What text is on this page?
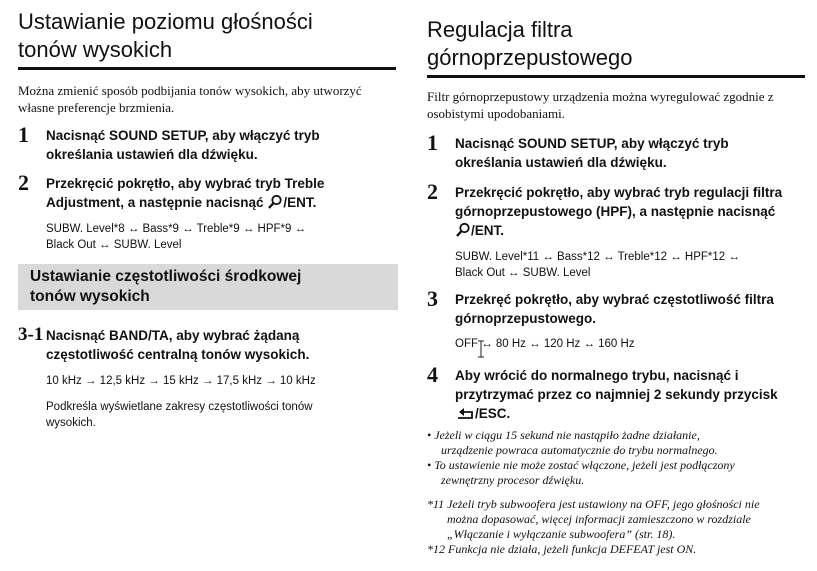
Ustawianie poziomu głośności
tonów wysokich
Można zmienić sposób podbijania tonów wysokich, aby utworzyć
własne preferencje brzmienia.
1 Nacisnąć SOUND SETUP, aby włączyć tryb
określania ustawień dla dźwięku.
2 Przekręcić pokrętło, aby wybrać tryb Treble
Adjustment, a następnie nacisnąć /ENT.
SUBW. Level*8 ↔ Bass*9 ↔ Treble*9 ↔ HPF*9 ↔
Black Out ↔ SUBW. Level
Ustawianie częstotliwości środkowej
tonów wysokich
3-1 Nacisnąć BAND/TA, aby wybrać żądaną
częstotliwość centralną tonów wysokich.
10 kHz → 12,5 kHz → 15 kHz → 17,5 kHz → 10 kHz
Podkreśla wyświetlane zakresy częstotliwości tonów
wysokich.
Regulacja filtra
górnoprzepustowego
Filtr górnoprzepustowy urządzenia można wyregulować zgodnie z
osobistymi upodobaniami.
1 Nacisnąć SOUND SETUP, aby włączyć tryb
określania ustawień dla dźwięku.
2 Przekręcić pokrętło, aby wybrać tryb regulacji filtra
górnoprzepustowego (HPF), a następnie nacisnąć
/ENT.
SUBW. Level*11 ↔ Bass*12 ↔ Treble*12 ↔ HPF*12 ↔
Black Out ↔ SUBW. Level
3 Przekręć pokrętło, aby wybrać częstotliwość filtra
górnoprzepustowego.
OFF ↔ 80 Hz ↔ 120 Hz ↔ 160 Hz
4 Aby wrócić do normalnego trybu, nacisnąć i
przytrzymać przez co najmniej 2 sekundy przycisk
/ESC.
• Jeżeli w ciągu 15 sekund nie nastąpiło żadne działanie,
urządzenie powraca automatycznie do trybu normalnego.
• To ustawienie nie może zostać włączone, jeżeli jest podłączony
zewnętrzny procesor dźwięku.
*11 Jeżeli tryb subwoofera jest ustawiony na OFF, jego głośności nie
można dopasować, więcej informacji zamieszczono w rozdziale
„Włączanie i wyłączanie subwoofera” (str. 18).
*12 Funkcja nie działa, jeżeli funkcja DEFEAT jest ON.
